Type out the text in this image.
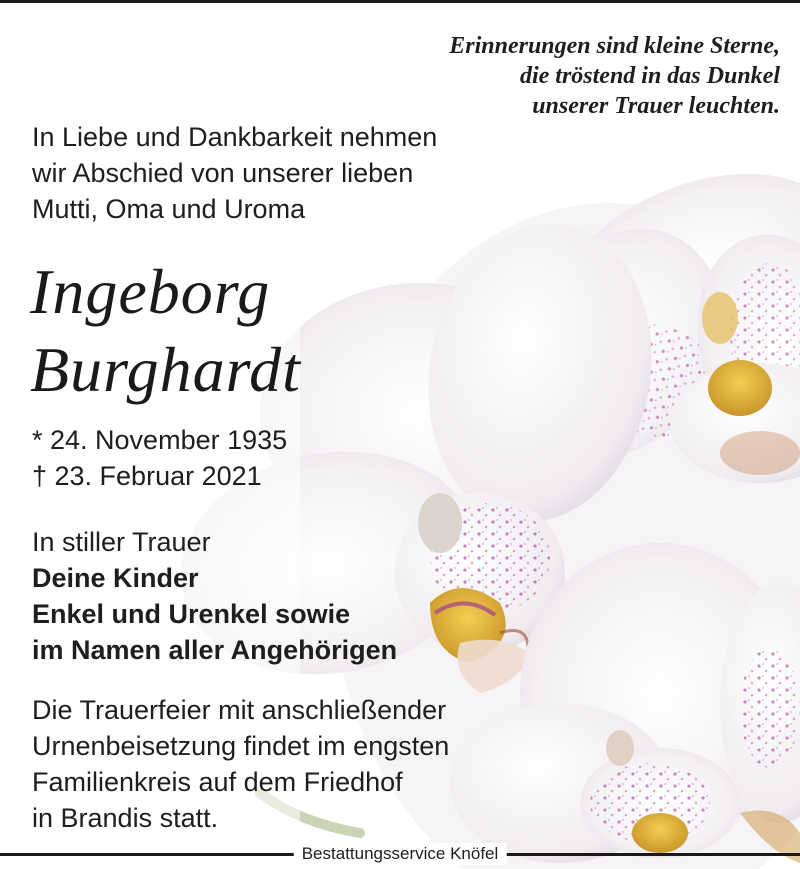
Erinnerungen sind kleine Sterne,
die tröstend in das Dunkel
unserer Trauer leuchten.
In Liebe und Dankbarkeit nehmen
wir Abschied von unserer lieben
Mutti, Oma und Uroma
Ingeborg
Burghardt
* 24. November 1935
† 23. Februar 2021
In stiller Trauer
Deine Kinder
Enkel und Urenkel sowie
im Namen aller Angehörigen
Die Trauerfeier mit anschließender
Urnenbeisetzung findet im engsten
Familienkreis auf dem Friedhof
in Brandis statt.
Bestattungsservice Knöfel
